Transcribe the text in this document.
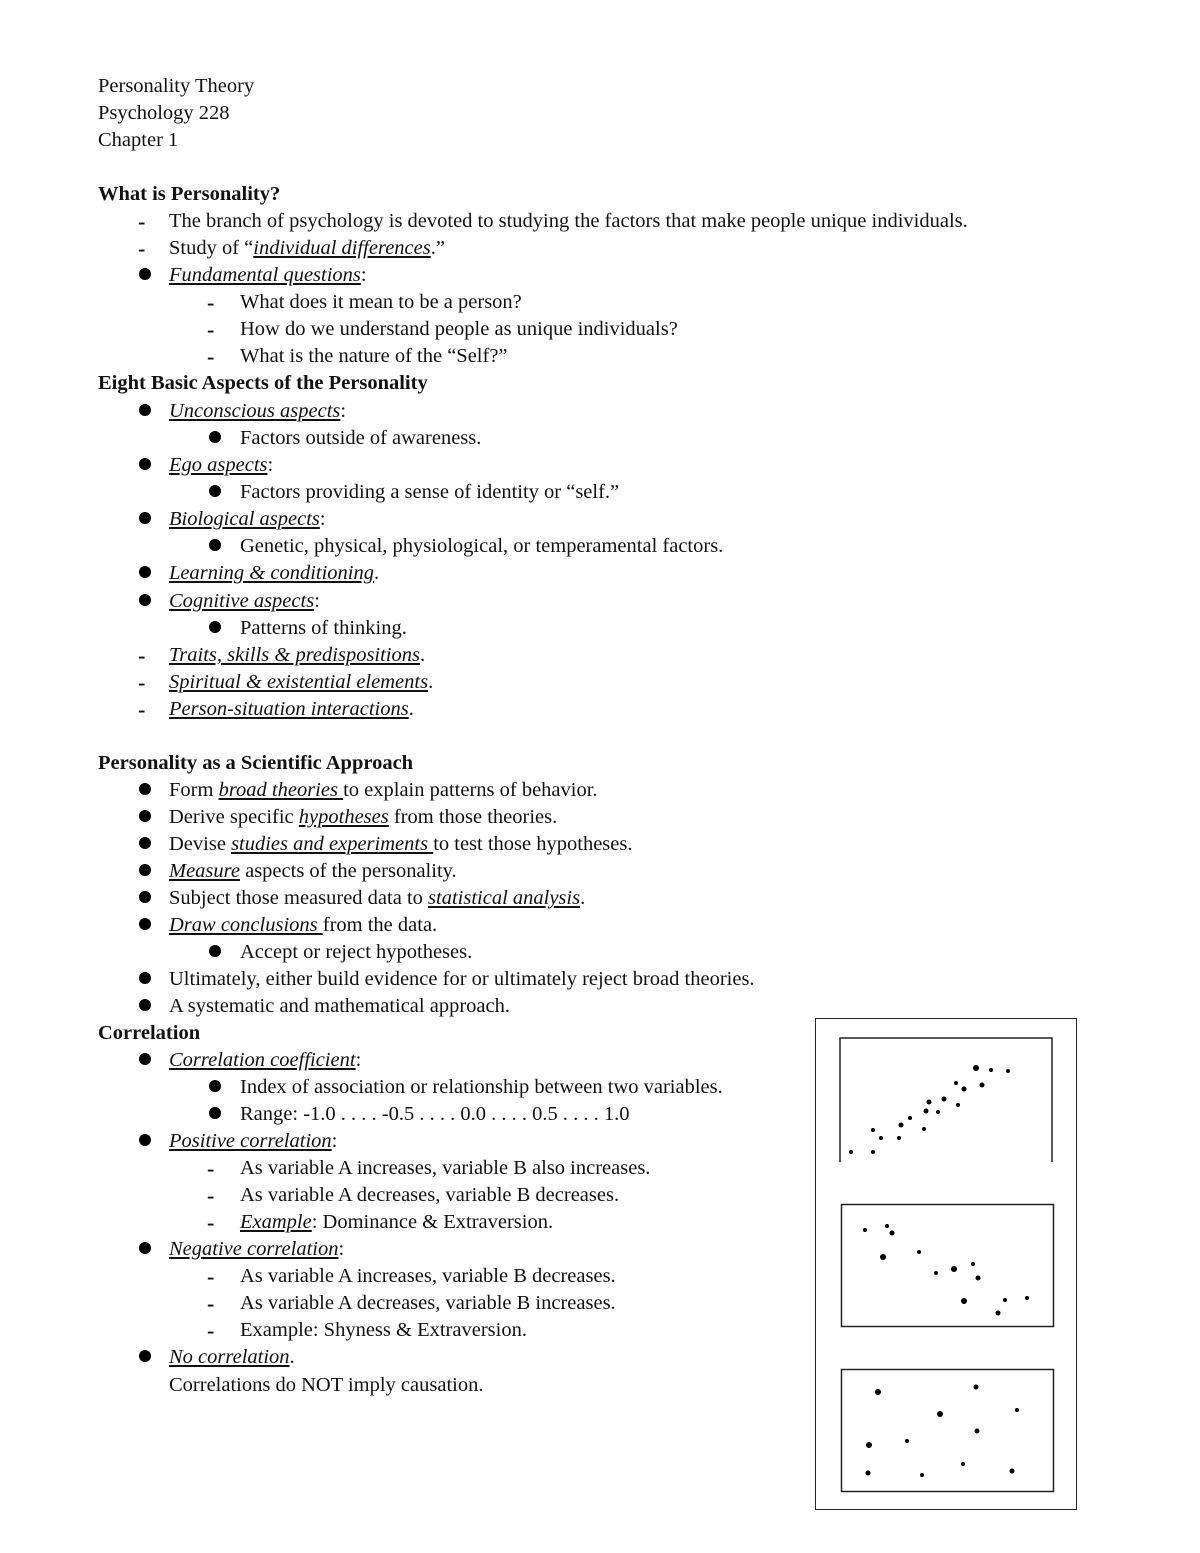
Personality Theory
Psychology 228
Chapter 1
What is Personality?
- The branch of psychology is devoted to studying the factors that make people unique individuals.
- Study of “individual differences.”
Fundamental questions:
- What does it mean to be a person?
- How do we understand people as unique individuals?
- What is the nature of the “Self?”
Eight Basic Aspects of the Personality
Unconscious aspects:
Factors outside of awareness.
Ego aspects:
Factors providing a sense of identity or “self.”
Biological aspects:
Genetic, physical, physiological, or temperamental factors.
Learning & conditioning.
Cognitive aspects:
Patterns of thinking.
- Traits, skills & predispositions.
- Spiritual & existential elements.
- Person-situation interactions.
Personality as a Scientific Approach
Form broad theories to explain patterns of behavior.
Derive specific hypotheses from those theories.
Devise studies and experiments to test those hypotheses.
Measure aspects of the personality.
Subject those measured data to statistical analysis.
Draw conclusions from the data.
Accept or reject hypotheses.
Ultimately, either build evidence for or ultimately reject broad theories.
A systematic and mathematical approach.
Correlation
Correlation coefficient:
Index of association or relationship between two variables.
Range: -1.0 . . . . -0.5 . . . . 0.0 . . . . 0.5 . . . . 1.0
Positive correlation:
- As variable A increases, variable B also increases.
- As variable A decreases, variable B decreases.
- Example: Dominance & Extraversion.
Negative correlation:
- As variable A increases, variable B decreases.
- As variable A decreases, variable B increases.
- Example: Shyness & Extraversion.
No correlation.
Correlations do NOT imply causation.
